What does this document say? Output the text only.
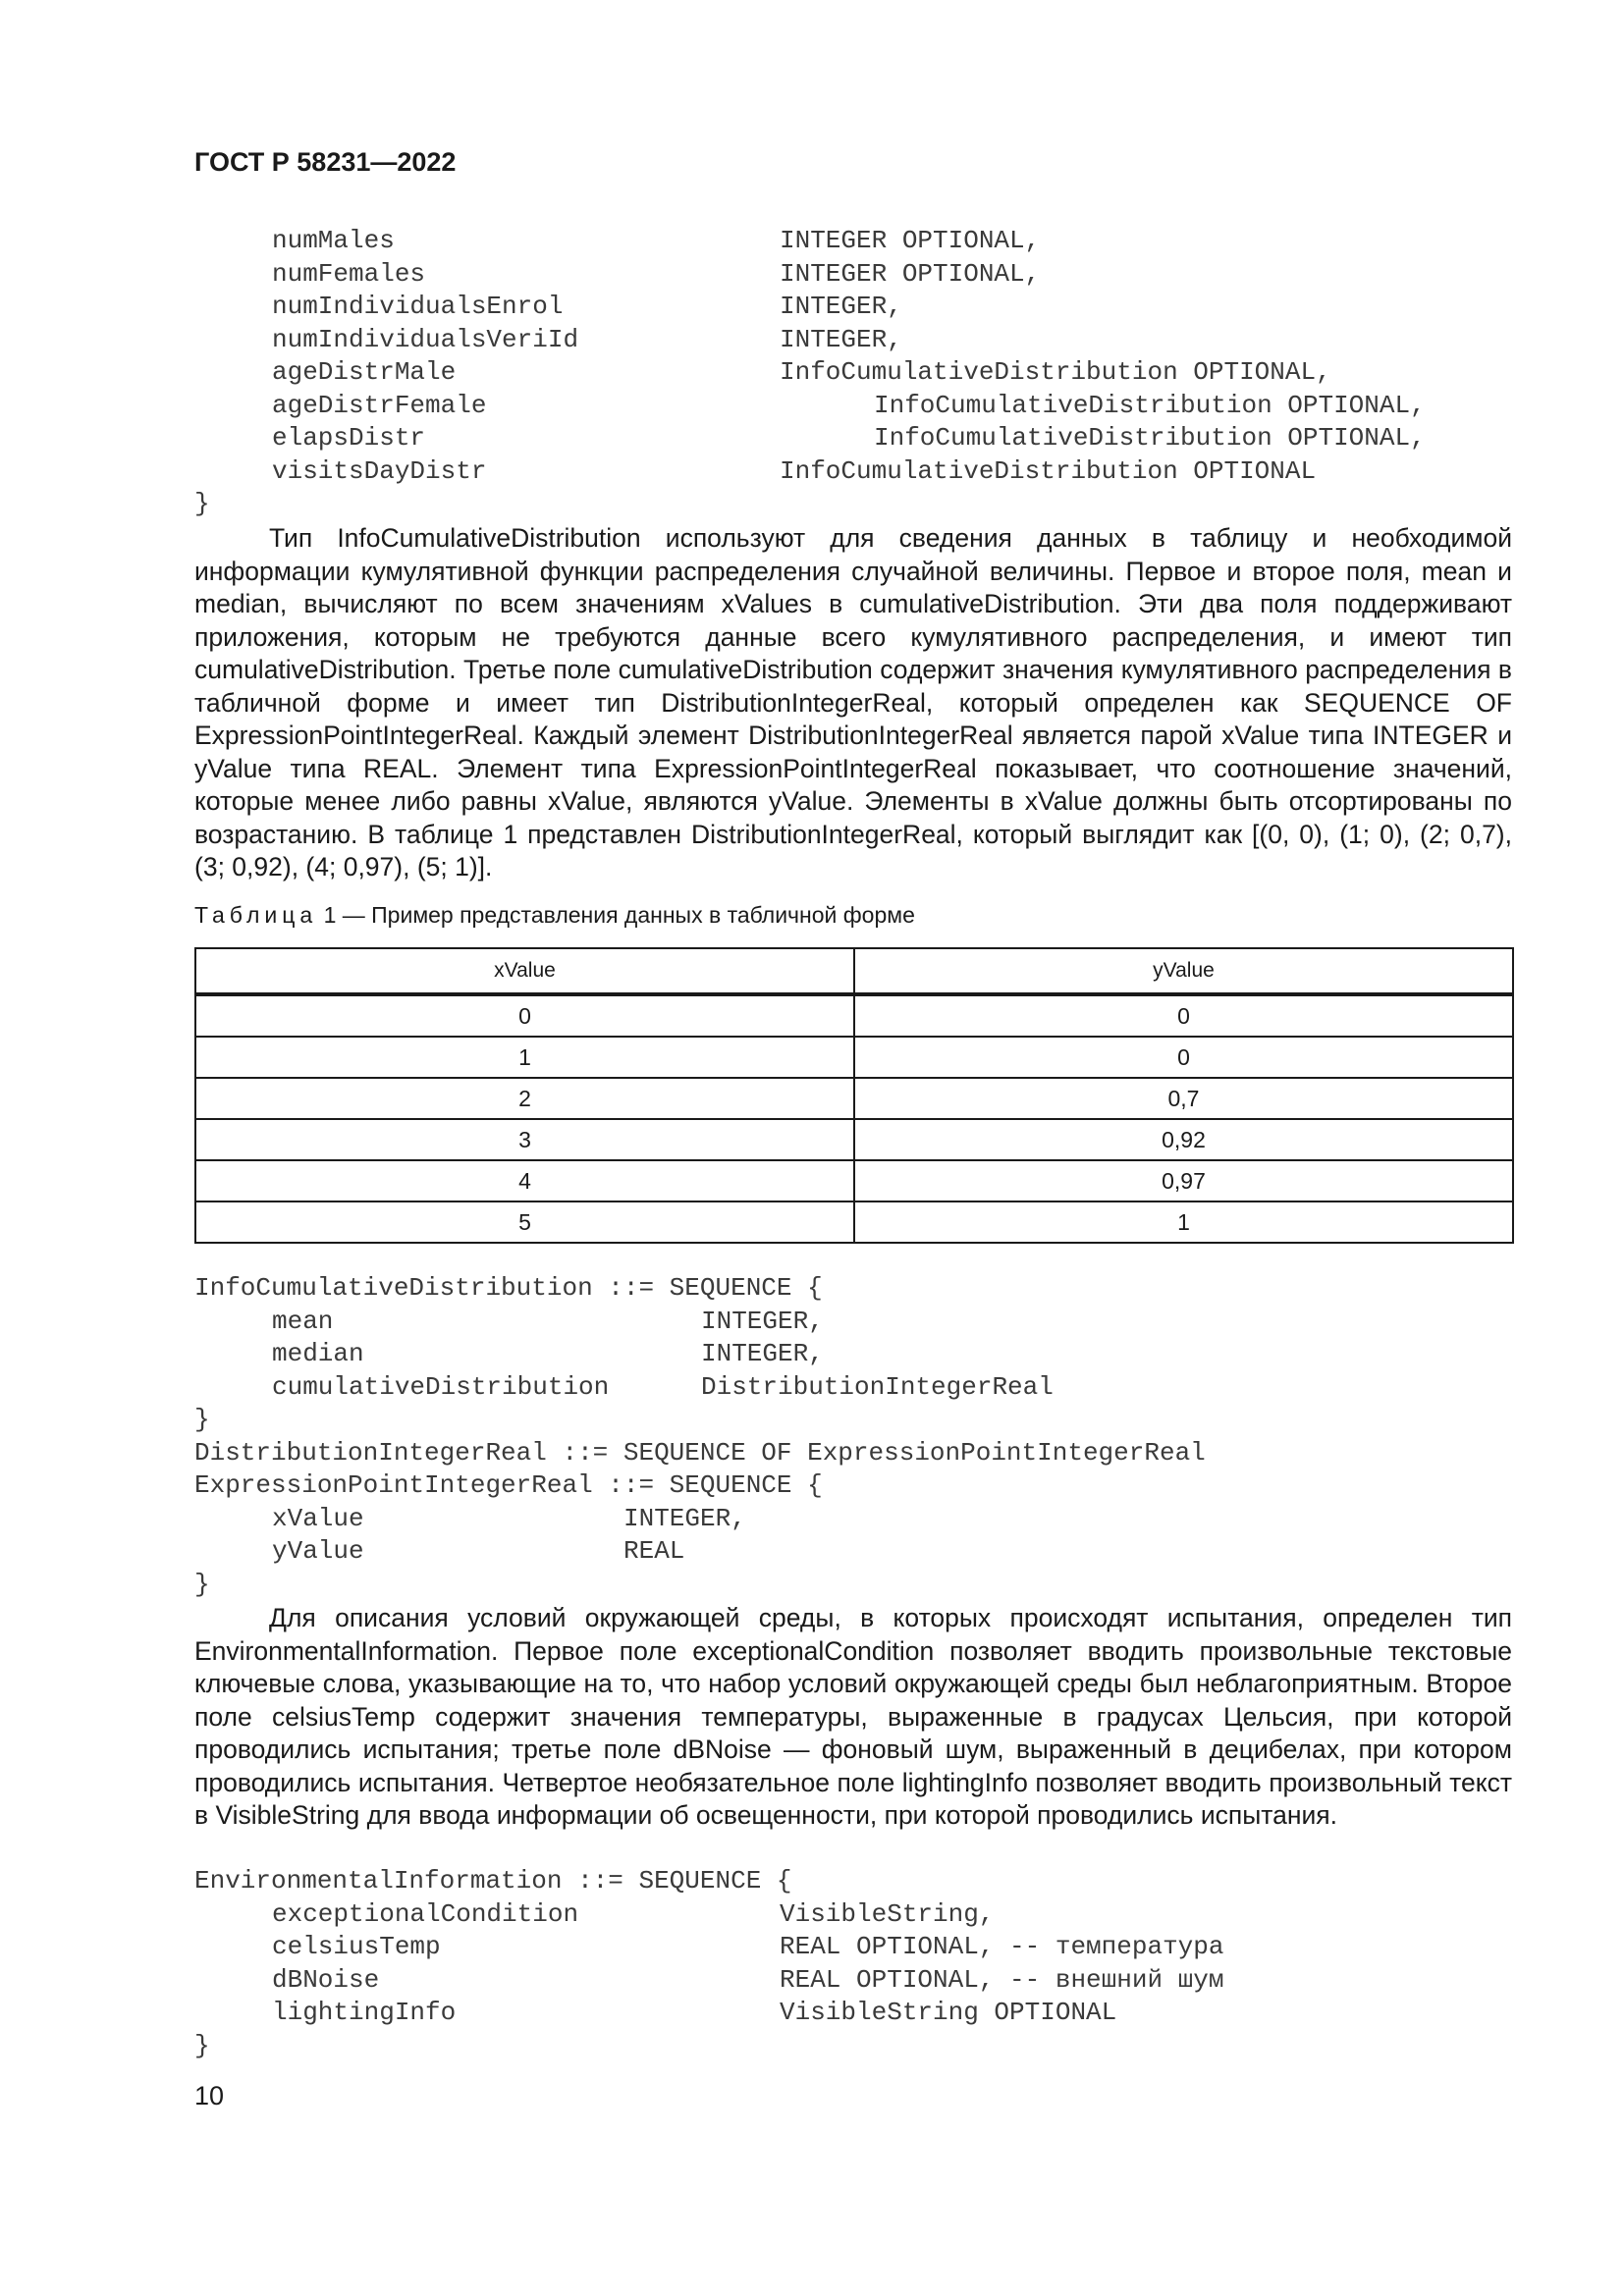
ГОСТ Р 58231—2022

numMales	INTEGER OPTIONAL,
numFemales	INTEGER OPTIONAL,
numIndividualsEnrol	INTEGER,
numIndividualsVeriId	INTEGER,
ageDistrMale	InfoCumulativeDistribution OPTIONAL,
ageDistrFemale	InfoCumulativeDistribution OPTIONAL,
elapsDistr	InfoCumulativeDistribution OPTIONAL,
visitsDayDistr	InfoCumulativeDistribution OPTIONAL
}

Тип InfoCumulativeDistribution используют для сведения данных в таблицу и необходимой информации кумулятивной функции распределения случайной величины. Первое и второе поля, mean и median, вычисляют по всем значениям xValues в cumulativeDistribution. Эти два поля поддерживают приложения, которым не требуются данные всего кумулятивного распределения, и имеют тип cumulativeDistribution. Третье поле cumulativeDistribution содержит значения кумулятивного распределения в табличной форме и имеет тип DistributionIntegerReal, который определен как SEQUENCE OF ExpressionPointIntegerReal. Каждый элемент DistributionIntegerReal является парой xValue типа INTEGER и yValue типа REAL. Элемент типа ExpressionPointIntegerReal показывает, что соотношение значений, которые менее либо равны xValue, являются yValue. Элементы в xValue должны быть отсортированы по возрастанию. В таблице 1 представлен DistributionIntegerReal, который выглядит как [(0, 0), (1; 0), (2; 0,7), (3; 0,92), (4; 0,97), (5; 1)].

Таблица 1 — Пример представления данных в табличной форме

xValue	yValue
0	0
1	0
2	0,7
3	0,92
4	0,97
5	1
InfoCumulativeDistribution ::= SEQUENCE {
mean	INTEGER,
median	INTEGER,
cumulativeDistribution	DistributionIntegerReal
}
DistributionIntegerReal ::= SEQUENCE OF ExpressionPointIntegerReal
ExpressionPointIntegerReal ::= SEQUENCE {
xValue	INTEGER,
yValue	REAL
}

Для описания условий окружающей среды, в которых происходят испытания, определен тип EnvironmentalInformation. Первое поле exceptionalCondition позволяет вводить произвольные текстовые ключевые слова, указывающие на то, что набор условий окружающей среды был неблагоприятным. Второе поле celsiusTemp содержит значения температуры, выраженные в градусах Цельсия, при которой проводились испытания; третье поле dBNoise — фоновый шум, выраженный в децибелах, при котором проводились испытания. Четвертое необязательное поле lightingInfo позволяет вводить произвольный текст в VisibleString для ввода информации об освещенности, при которой проводились испытания.

EnvironmentalInformation ::= SEQUENCE {
exceptionalCondition	VisibleString,
celsiusTemp	REAL OPTIONAL, -- температура
dBNoise	REAL OPTIONAL, -- внешний шум
lightingInfo	VisibleString OPTIONAL
}

10
